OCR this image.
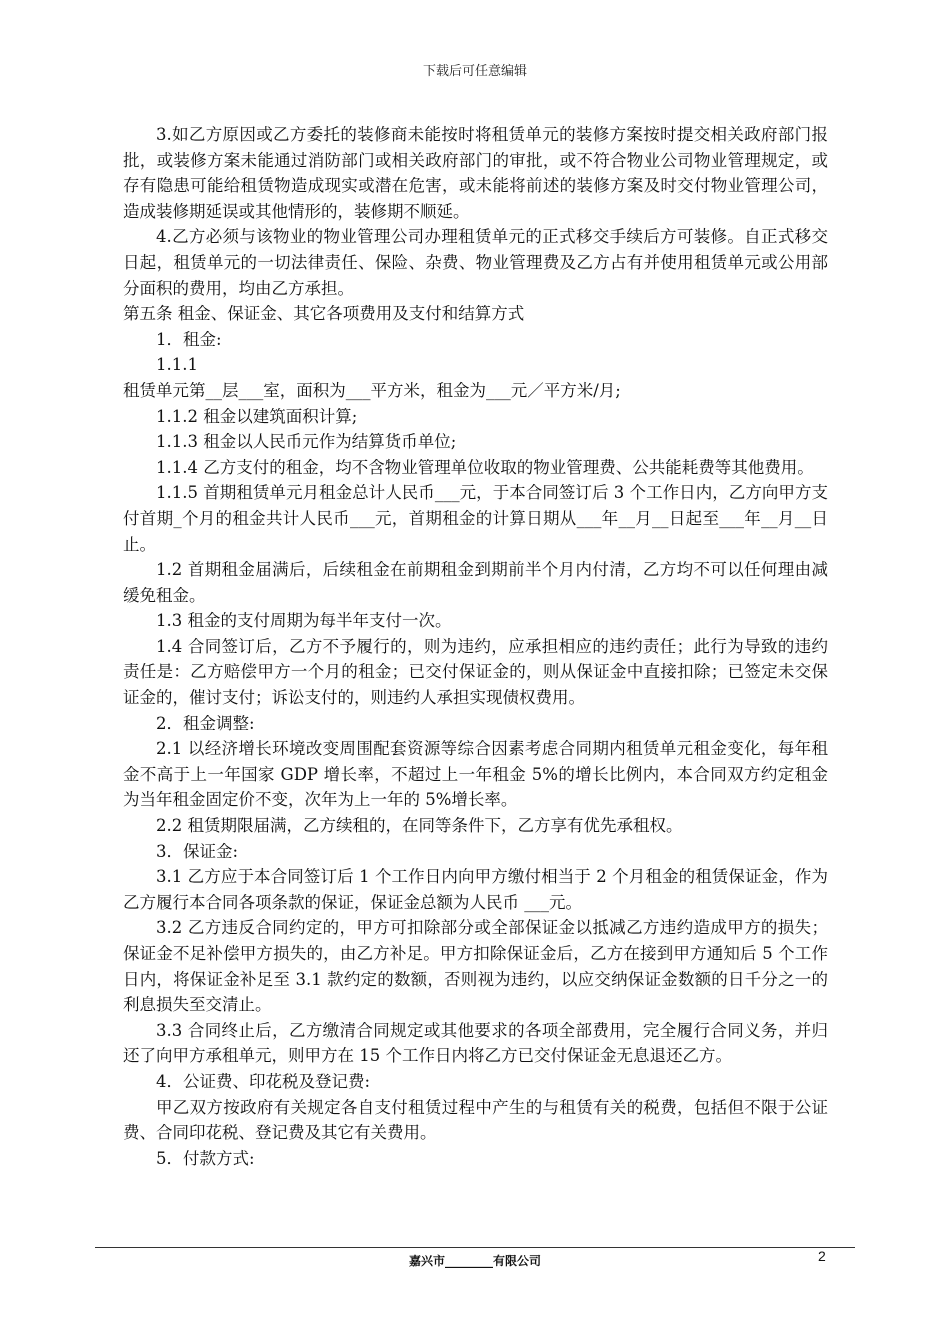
下载后可任意编辑

3.如乙方原因或乙方委托的装修商未能按时将租赁单元的装修方案按时提交相关政府部门报批，或装修方案未能通过消防部门或相关政府部门的审批，或不符合物业公司物业管理规定，或存有隐患可能给租赁物造成现实或潜在危害，或未能将前述的装修方案及时交付物业管理公司，造成装修期延误或其他情形的，装修期不顺延。

4.乙方必须与该物业的物业管理公司办理租赁单元的正式移交手续后方可装修。自正式移交日起，租赁单元的一切法律责任、保险、杂费、物业管理费及乙方占有并使用租赁单元或公用部分面积的费用，均由乙方承担。

第五条 租金、保证金、其它各项费用及支付和结算方式

1．租金:

1.1.1

租赁单元第__层___室，面积为___平方米，租金为___元／平方米/月;

1.1.2 租金以建筑面积计算;

1.1.3 租金以人民币元作为结算货币单位;

1.1.4 乙方支付的租金，均不含物业管理单位收取的物业管理费、公共能耗费等其他费用。

1.1.5 首期租赁单元月租金总计人民币___元，于本合同签订后 3 个工作日内，乙方向甲方支付首期_个月的租金共计人民币___元，首期租金的计算日期从___年__月__日起至___年__月__日止。

1.2 首期租金届满后，后续租金在前期租金到期前半个月内付清，乙方均不可以任何理由减缓免租金。

1.3 租金的支付周期为每半年支付一次。

1.4 合同签订后，乙方不予履行的，则为违约，应承担相应的违约责任；此行为导致的违约责任是：乙方赔偿甲方一个月的租金；已交付保证金的，则从保证金中直接扣除；已签定未交保证金的，催讨支付；诉讼支付的，则违约人承担实现债权费用。

2．租金调整:

2.1 以经济增长环境改变周围配套资源等综合因素考虑合同期内租赁单元租金变化，每年租金不高于上一年国家 GDP 增长率，不超过上一年租金 5%的增长比例内，本合同双方约定租金为当年租金固定价不变，次年为上一年的 5%增长率。

2.2 租赁期限届满，乙方续租的，在同等条件下，乙方享有优先承租权。

3．保证金:

3.1 乙方应于本合同签订后 1 个工作日内向甲方缴付相当于 2 个月租金的租赁保证金，作为乙方履行本合同各项条款的保证，保证金总额为人民币 ___元。

3.2 乙方违反合同约定的，甲方可扣除部分或全部保证金以抵减乙方违约造成甲方的损失；保证金不足补偿甲方损失的，由乙方补足。甲方扣除保证金后，乙方在接到甲方通知后 5 个工作日内，将保证金补足至 3.1 款约定的数额，否则视为违约，以应交纳保证金数额的日千分之一的利息损失至交清止。

3.3 合同终止后，乙方缴清合同规定或其他要求的各项全部费用，完全履行合同义务，并归还了向甲方承租单元，则甲方在 15 个工作日内将乙方已交付保证金无息退还乙方。

4．公证费、印花税及登记费:

甲乙双方按政府有关规定各自支付租赁过程中产生的与租赁有关的税费，包括但不限于公证费、合同印花税、登记费及其它有关费用。

5．付款方式:

嘉兴市________有限公司	2
